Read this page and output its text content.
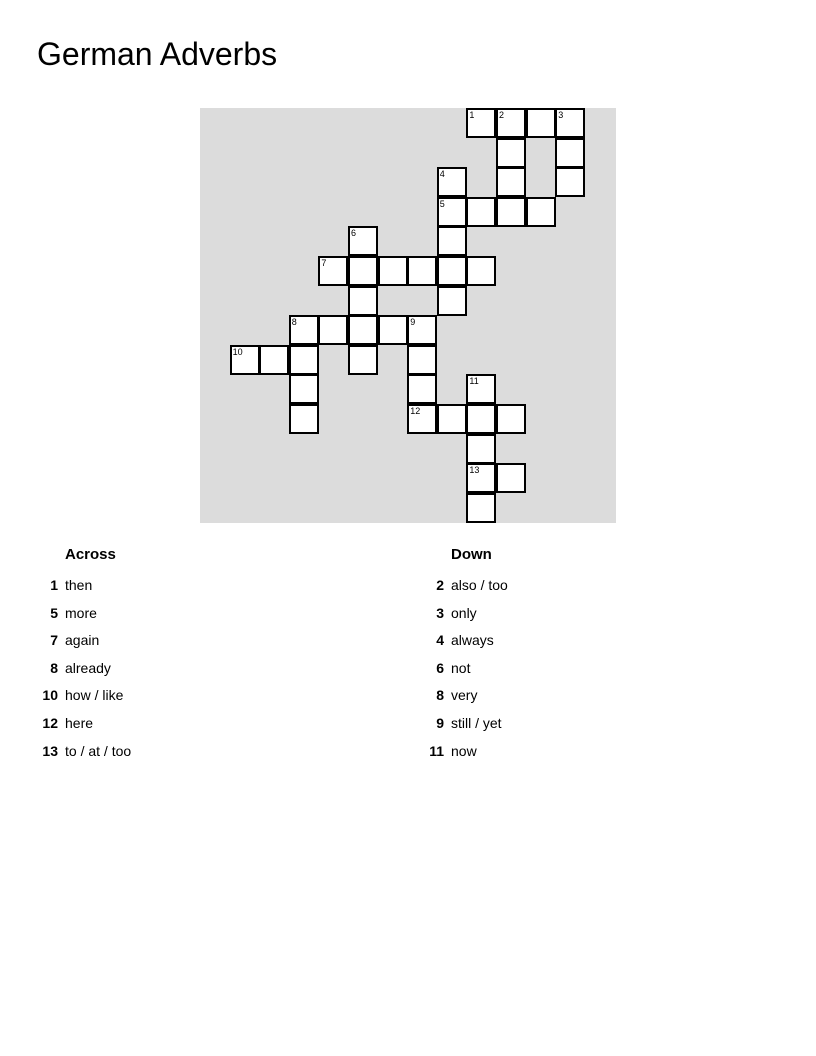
German Adverbs
1	2	3
4
5
6
7
8	9
10
11
12
13
Across
1 then
5 more
7 again
8 already
10 how / like
12 here
13 to / at / too
Down
2 also / too
3 only
4 always
6 not
8 very
9 still / yet
11 now
